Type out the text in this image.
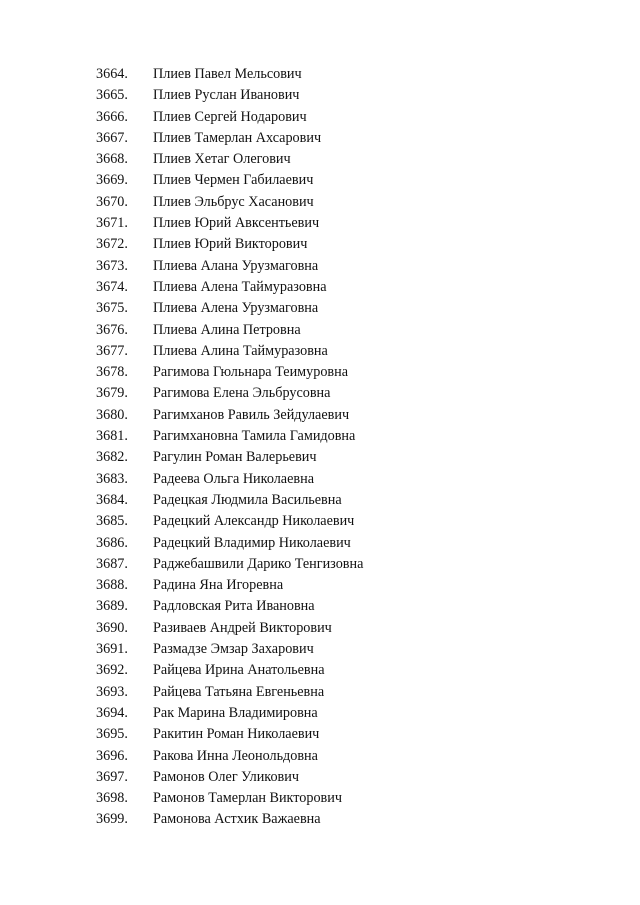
3664. Плиев Павел Мельсович
3665. Плиев Руслан Иванович
3666. Плиев Сергей Нодарович
3667. Плиев Тамерлан Ахсарович
3668. Плиев Хетаг Олегович
3669. Плиев Чермен Габилаевич
3670. Плиев Эльбрус Хасанович
3671. Плиев Юрий Авксентьевич
3672. Плиев Юрий Викторович
3673. Плиева Алана Урузмаговна
3674. Плиева Алена Таймуразовна
3675. Плиева Алена Урузмаговна
3676. Плиева Алина Петровна
3677. Плиева Алина Таймуразовна
3678. Рагимова Гюльнара Теимуровна
3679. Рагимова Елена Эльбрусовна
3680. Рагимханов Равиль Зейдулаевич
3681. Рагимхановна Тамила Гамидовна
3682. Рагулин Роман Валерьевич
3683. Радеева Ольга Николаевна
3684. Радецкая Людмила Васильевна
3685. Радецкий Александр Николаевич
3686. Радецкий Владимир Николаевич
3687. Раджебашвили Дарико Тенгизовна
3688. Радина Яна Игоревна
3689. Радловская Рита Ивановна
3690. Разиваев Андрей Викторович
3691. Размадзе Эмзар Захарович
3692. Райцева Ирина Анатольевна
3693. Райцева Татьяна Евгеньевна
3694. Рак Марина Владимировна
3695. Ракитин Роман Николаевич
3696. Ракова Инна Леонольдовна
3697. Рамонов Олег Уликович
3698. Рамонов Тамерлан Викторович
3699. Рамонова Астхик Важаевна
